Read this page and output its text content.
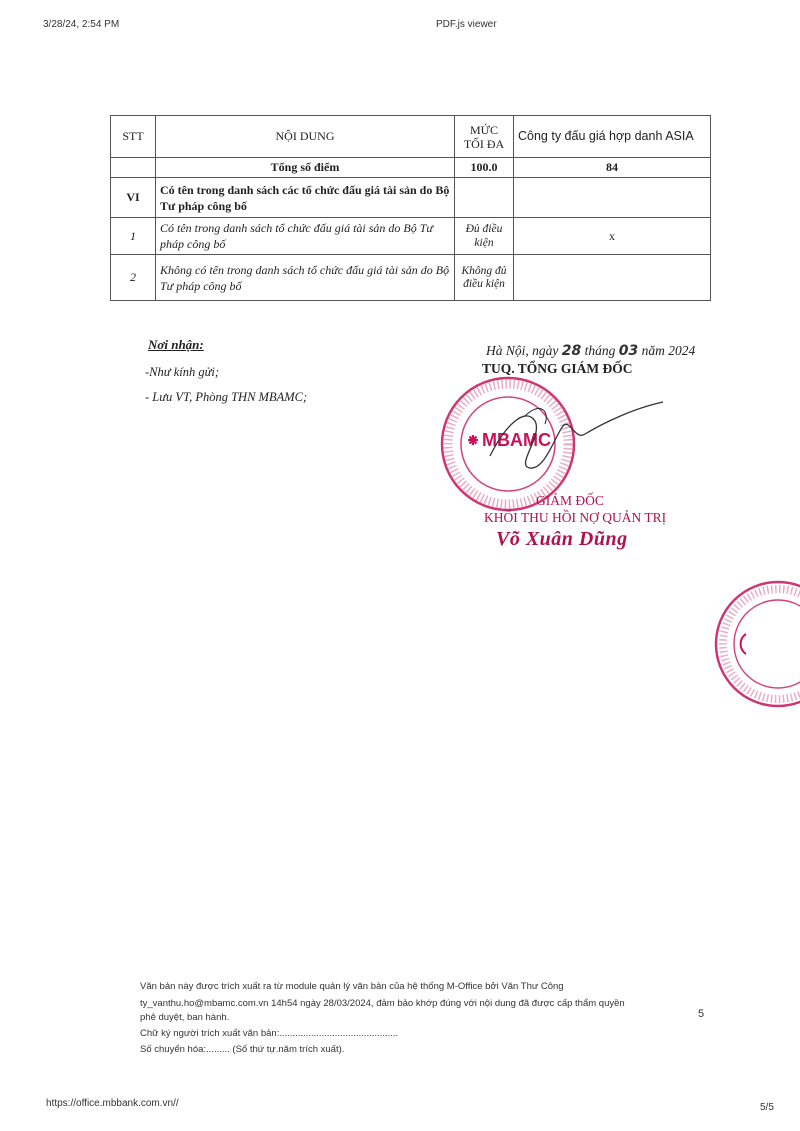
3/28/24, 2:54 PM	PDF.js viewer
STT	NỘI DUNG	MỨC TỐI ĐA	Công ty đấu giá hợp danh ASIA
	Tổng số điểm	100.0	84
VI	Có tên trong danh sách các tổ chức đấu giá tài sản do Bộ Tư pháp công bố		
1	Có tên trong danh sách tổ chức đấu giá tài sản do Bộ Tư pháp công bố	Đủ điều kiện	x
2	Không có tên trong danh sách tổ chức đấu giá tài sản do Bộ Tư pháp công bố	Không đủ điều kiện	
Nơi nhận:
-Như kính gửi;
- Lưu VT, Phòng THN MBAMC;
Hà Nội, ngày 28 tháng 03 năm 2024
TUQ. TỔNG GIÁM ĐỐC
MBAMC
GIÁM ĐỐC
KHỐI THU HỒI NỢ QUẢN TRỊ
Võ Xuân Dũng
Văn bản này được trích xuất ra từ module quản lý văn bản của hệ thống M-Office bởi Văn Thư Công
ty_vanthu.ho@mbamc.com.vn 14h54 ngày 28/03/2024, đảm bảo khớp đúng với nội dung đã được cấp thẩm quyền
phê duyệt, ban hành.
Chữ ký người trích xuất văn bản:.............................................
Số chuyển hóa:......... (Số thứ tự.năm trích xuất).
5
https://office.mbbank.com.vn//	5/5
